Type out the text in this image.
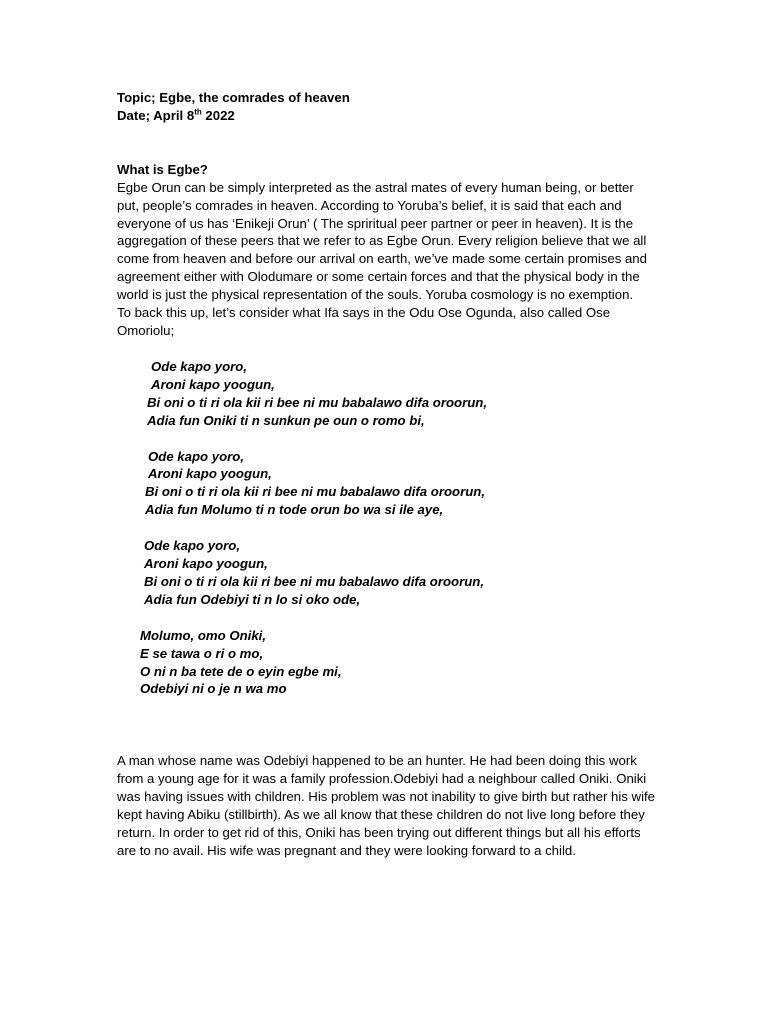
Topic; Egbe, the comrades of heaven

Date; April 8th 2022

What is Egbe?

Egbe Orun can be simply interpreted as the astral mates of every human being, or better put, people’s comrades in heaven. According to Yoruba’s belief, it is said that each and everyone of us has ‘Enikeji Orun’ ( The spriritual peer partner or peer in heaven). It is the aggregation of these peers that we refer to as Egbe Orun. Every religion believe that we all come from heaven and before our arrival on earth, we’ve made some certain promises and agreement either with Olodumare or some certain forces and that the physical body in the world is just the physical representation of the souls. Yoruba cosmology is no exemption.

To back this up, let’s consider what Ifa says in the Odu Ose Ogunda, also called Ose Omoriolu;

Ode kapo yoro,
Aroni kapo yoogun,
Bi oni o ti ri ola kii ri bee ni mu babalawo difa oroorun,
Adia fun Oniki ti n sunkun pe oun o romo bi,
Ode kapo yoro,
Aroni kapo yoogun,
Bi oni o ti ri ola kii ri bee ni mu babalawo difa oroorun,
Adia fun Molumo ti n tode orun bo wa si ile aye,
Ode kapo yoro,
Aroni kapo yoogun,
Bi oni o ti ri ola kii ri bee ni mu babalawo difa oroorun,
Adia fun Odebiyi ti n lo si oko ode,
Molumo, omo Oniki,
E se tawa o ri o mo,
O ni n ba tete de o eyin egbe mi,
Odebiyi ni o je n wa mo

A man whose name was Odebiyi happened to be an hunter. He had been doing this work from a young age for it was a family profession.Odebiyi had a neighbour called Oniki. Oniki was having issues with children. His problem was not inability to give birth but rather his wife kept having Abiku (stillbirth). As we all know that these children do not live long before they return. In order to get rid of this, Oniki has been trying out different things but all his efforts are to no avail. His wife was pregnant and they were looking forward to a child.
